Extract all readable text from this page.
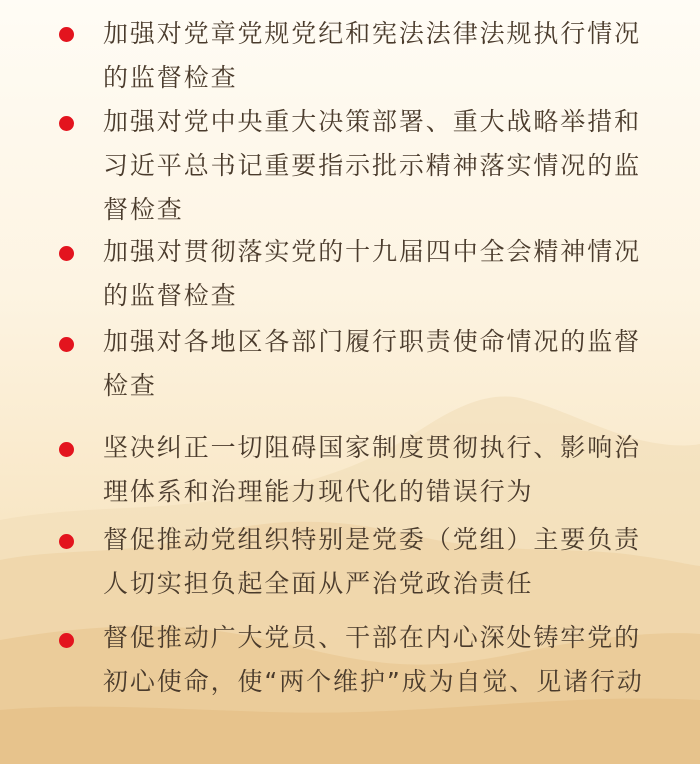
加强对党章党规党纪和宪法法律法规执行情况的监督检查
加强对党中央重大决策部署、重大战略举措和习近平总书记重要指示批示精神落实情况的监督检查
加强对贯彻落实党的十九届四中全会精神情况的监督检查
加强对各地区各部门履行职责使命情况的监督检查
坚决纠正一切阻碍国家制度贯彻执行、影响治理体系和治理能力现代化的错误行为
督促推动党组织特别是党委（党组）主要负责人切实担负起全面从严治党政治责任
督促推动广大党员、干部在内心深处铸牢党的初心使命，使“两个维护”成为自觉、见诸行动
